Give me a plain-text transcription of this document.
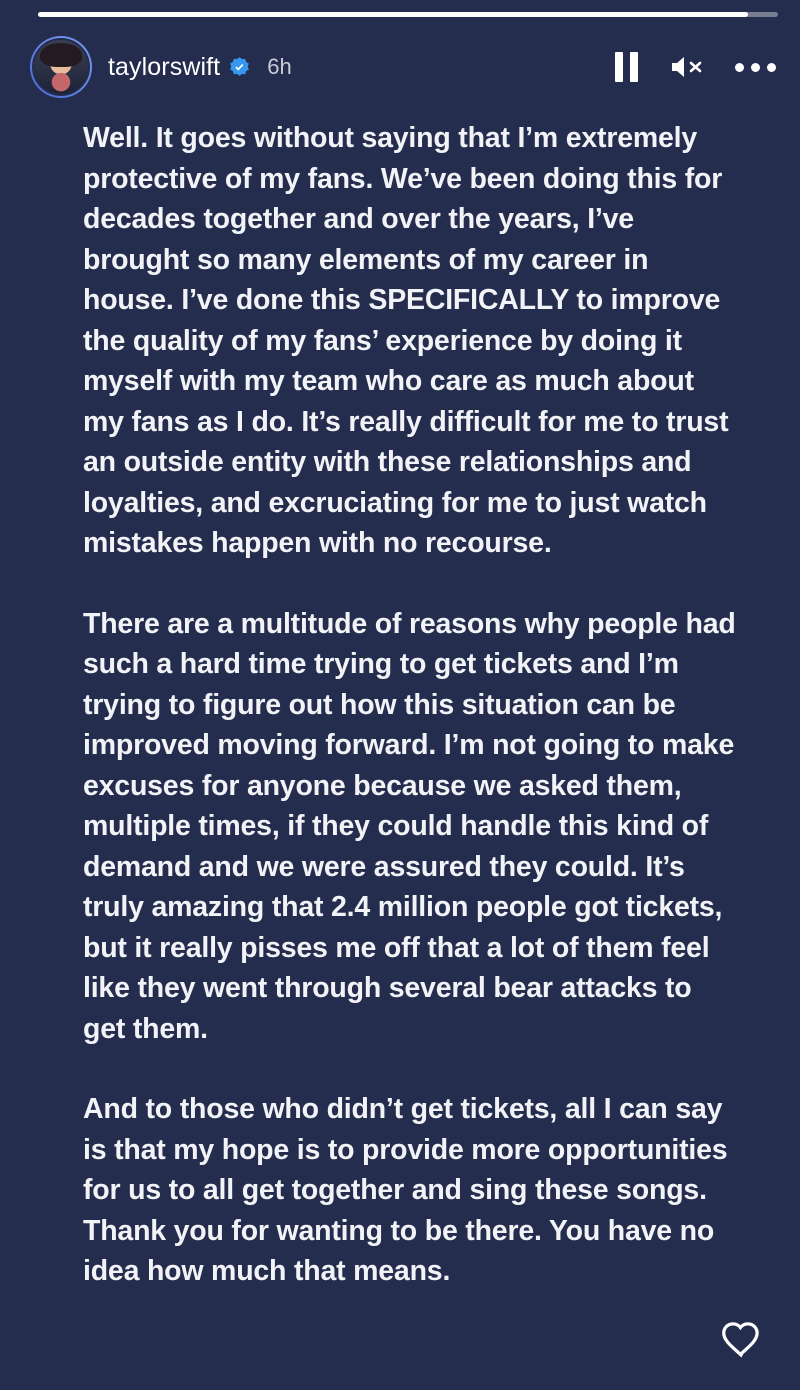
taylorswift 6h

Well. It goes without saying that I’m extremely protective of my fans. We’ve been doing this for decades together and over the years, I’ve brought so many elements of my career in house. I’ve done this SPECIFICALLY to improve the quality of my fans’ experience by doing it myself with my team who care as much about my fans as I do. It’s really difficult for me to trust an outside entity with these relationships and loyalties, and excruciating for me to just watch mistakes happen with no recourse.

There are a multitude of reasons why people had such a hard time trying to get tickets and I’m trying to figure out how this situation can be improved moving forward. I’m not going to make excuses for anyone because we asked them, multiple times, if they could handle this kind of demand and we were assured they could. It’s truly amazing that 2.4 million people got tickets, but it really pisses me off that a lot of them feel like they went through several bear attacks to get them.

And to those who didn’t get tickets, all I can say is that my hope is to provide more opportunities for us to all get together and sing these songs. Thank you for wanting to be there. You have no idea how much that means.
